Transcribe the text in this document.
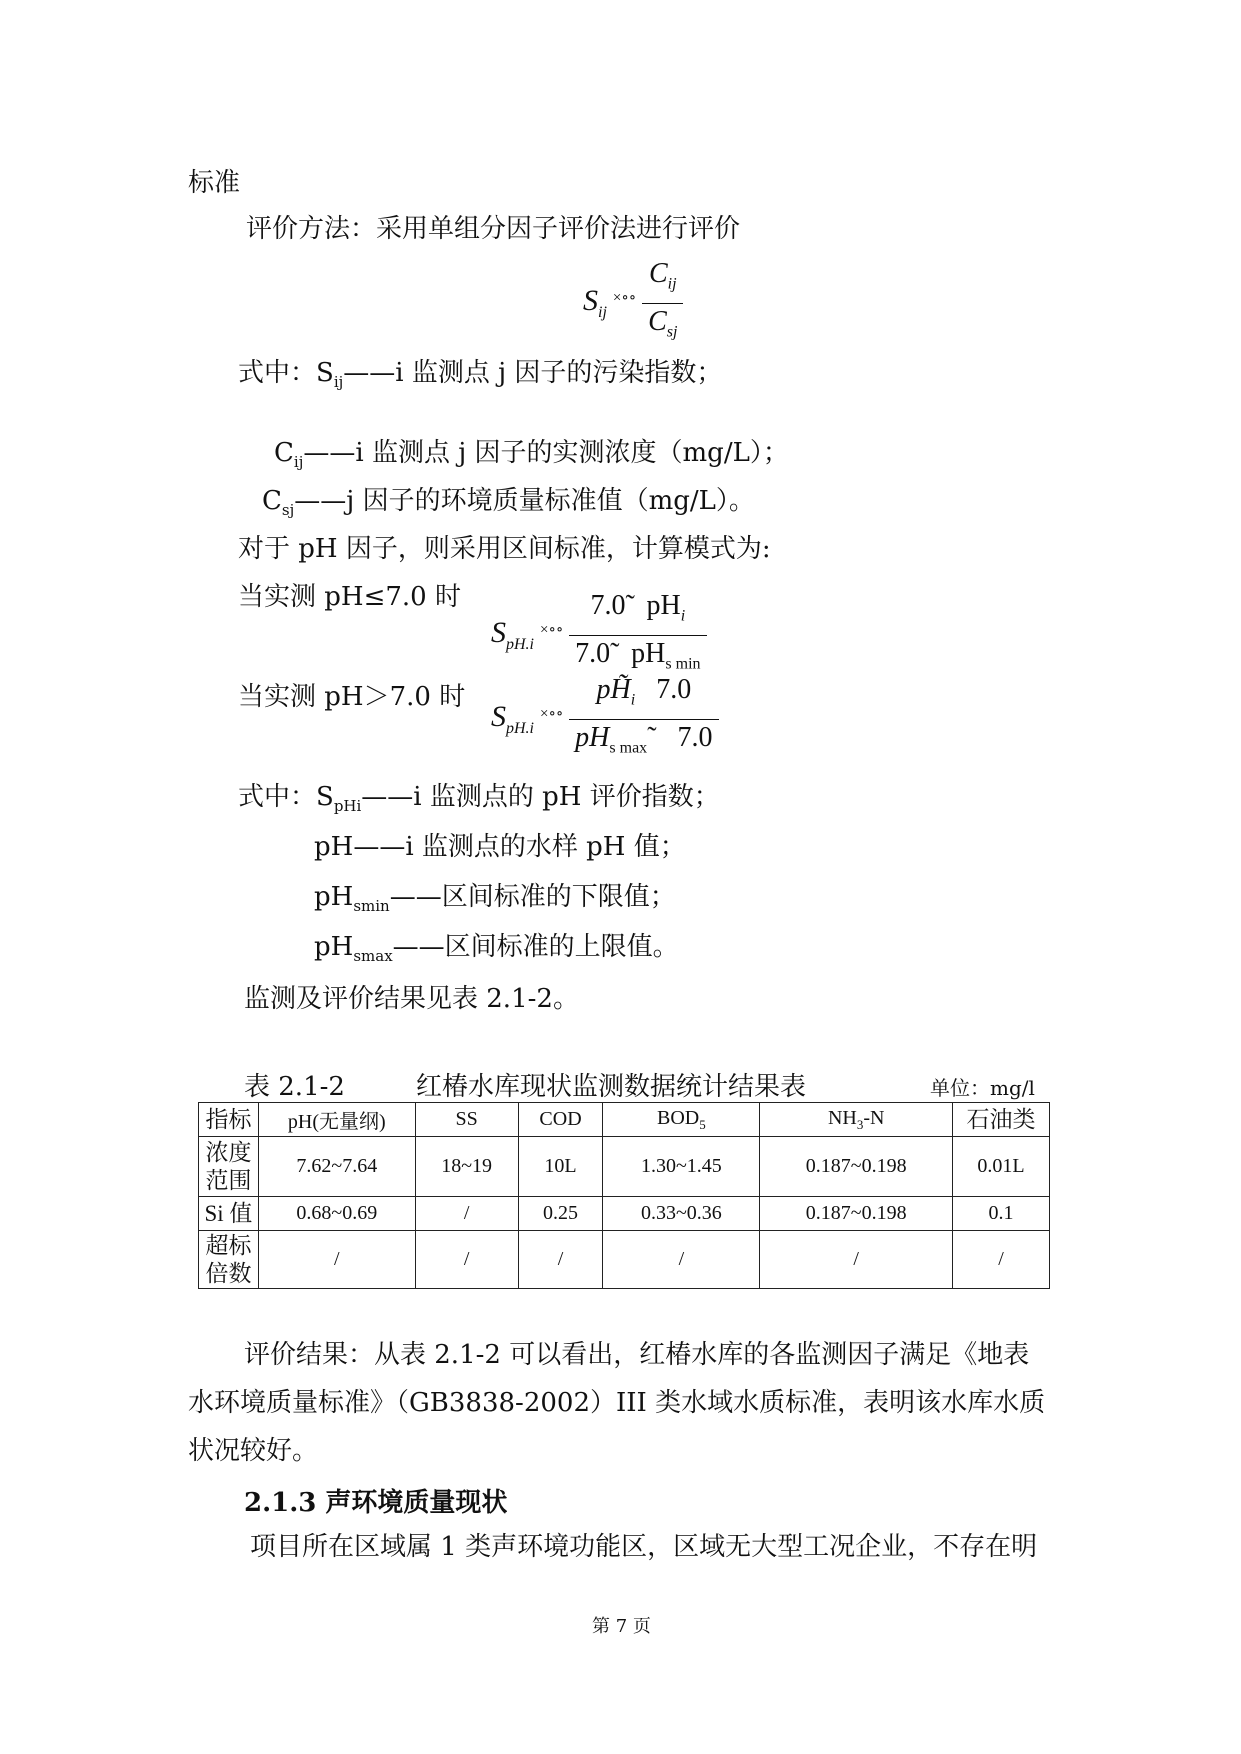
标准
评价方法：采用单组分因子评价法进行评价
$S_{ij}$
×∘∘ $\frac{C_{ij}}{C_{sj}}$
式中：$S_{ij}——i$ 监测点 j 因子的污染指数；
$C_{ij}——i$ 监测点 j 因子的实测浓度（mg/L）；
$C_{sj}——j$ 因子的环境质量标准值（mg/L）。
对于 pH 因子，则采用区间标准，计算模式为:
当实测 pH≤7.0 时
$S_{pH.i}$
×∘∘ $\frac{7.0̃ pH_i}{7.0̃ pH_{s min}}$
当实测 pH＞7.0 时
$S_{pH.i}$
×∘∘ $\frac{pH̃_i 7.0}{pH_{s max}˜ 7.0}$
式中：$S_{pHi}——i$ 监测点的 pH 评价指数；
pH——i 监测点的水样 pH 值；
$pH_{smin}——$区间标准的下限值；
$pH_{smax}——$区间标准的上限值。
监测及评价结果见表 2.1-2。
表 2.1-2	红椿水库现状监测数据统计结果表	单位：mg/l
指标	pH(无量纲)	SS	COD	$BOD_5$	$NH_3-N$	石油类
浓度
范围	7.62~7.64	18~19	10L	1.30~1.45	0.187~0.198	0.01L
Si 值	0.68~0.69	/	0.25	0.33~0.36	0.187~0.198	0.1
超标
倍数	/	/	/	/	/	/
评价结果：从表 2.1-2 可以看出，红椿水库的各监测因子满足《地表
水环境质量标准》（GB3838-2002）III 类水域水质标准，表明该水库水质
状况较好。
2.1.3 声环境质量现状
项目所在区域属 1 类声环境功能区，区域无大型工况企业，不存在明
第 7 页
